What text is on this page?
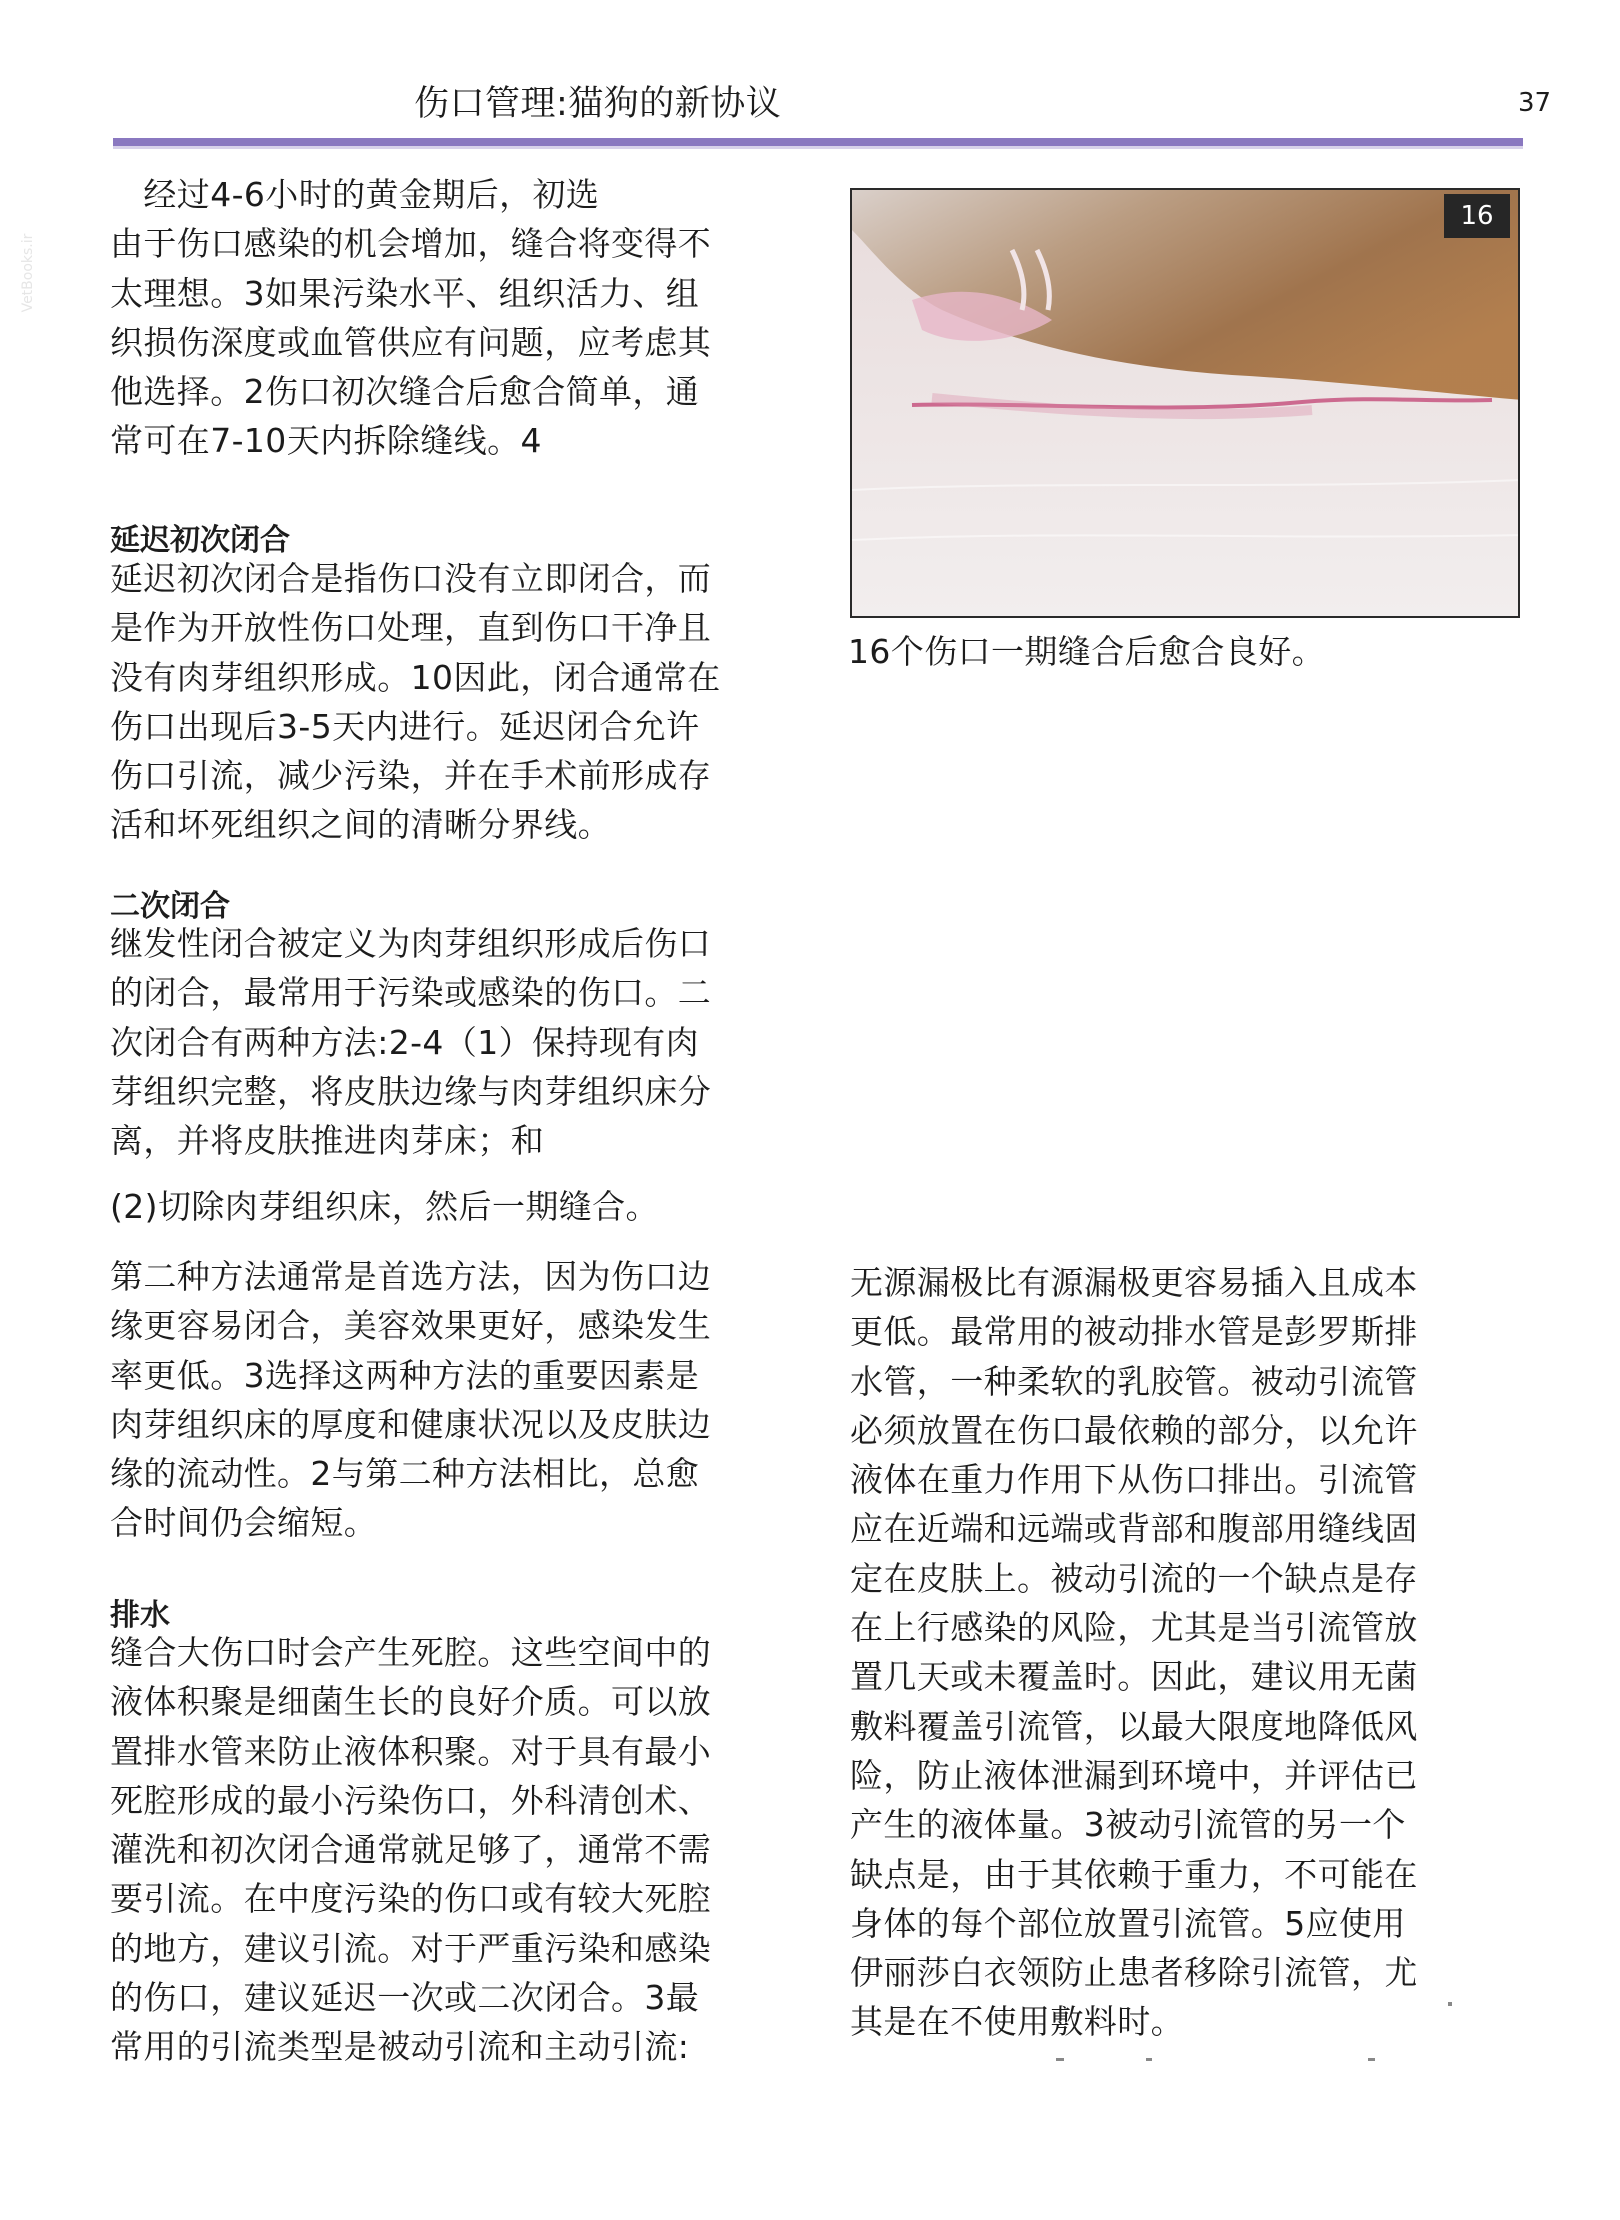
伤口管理:猫狗的新协议	37
VetBooks.ir

　经过4-6小时的黄金期后，初选
由于伤口感染的机会增加，缝合将变得不
太理想。3如果污染水平、组织活力、组
织损伤深度或血管供应有问题，应考虑其
他选择。2伤口初次缝合后愈合简单，通
常可在7-10天内拆除缝线。4

延迟初次闭合

延迟初次闭合是指伤口没有立即闭合，而
是作为开放性伤口处理，直到伤口干净且
没有肉芽组织形成。10因此，闭合通常在
伤口出现后3-5天内进行。延迟闭合允许
伤口引流，减少污染，并在手术前形成存
活和坏死组织之间的清晰分界线。

二次闭合

继发性闭合被定义为肉芽组织形成后伤口
的闭合，最常用于污染或感染的伤口。二
次闭合有两种方法:2-4（1）保持现有肉
芽组织完整，将皮肤边缘与肉芽组织床分
离，并将皮肤推进肉芽床；和

(2)切除肉芽组织床，然后一期缝合。

第二种方法通常是首选方法，因为伤口边
缘更容易闭合，美容效果更好，感染发生
率更低。3选择这两种方法的重要因素是
肉芽组织床的厚度和健康状况以及皮肤边
缘的流动性。2与第二种方法相比，总愈
合时间仍会缩短。

排水

缝合大伤口时会产生死腔。这些空间中的
液体积聚是细菌生长的良好介质。可以放
置排水管来防止液体积聚。对于具有最小
死腔形成的最小污染伤口，外科清创术、
灌洗和初次闭合通常就足够了，通常不需
要引流。在中度污染的伤口或有较大死腔
的地方，建议引流。对于严重污染和感染
的伤口，建议延迟一次或二次闭合。3最
常用的引流类型是被动引流和主动引流:

16

16个伤口一期缝合后愈合良好。

无源漏极比有源漏极更容易插入且成本
更低。最常用的被动排水管是彭罗斯排
水管，一种柔软的乳胶管。被动引流管
必须放置在伤口最依赖的部分，以允许
液体在重力作用下从伤口排出。引流管
应在近端和远端或背部和腹部用缝线固
定在皮肤上。被动引流的一个缺点是存
在上行感染的风险，尤其是当引流管放
置几天或未覆盖时。因此，建议用无菌
敷料覆盖引流管，以最大限度地降低风
险，防止液体泄漏到环境中，并评估已
产生的液体量。3被动引流管的另一个
缺点是，由于其依赖于重力，不可能在
身体的每个部位放置引流管。5应使用
伊丽莎白衣领防止患者移除引流管，尤
其是在不使用敷料时。
